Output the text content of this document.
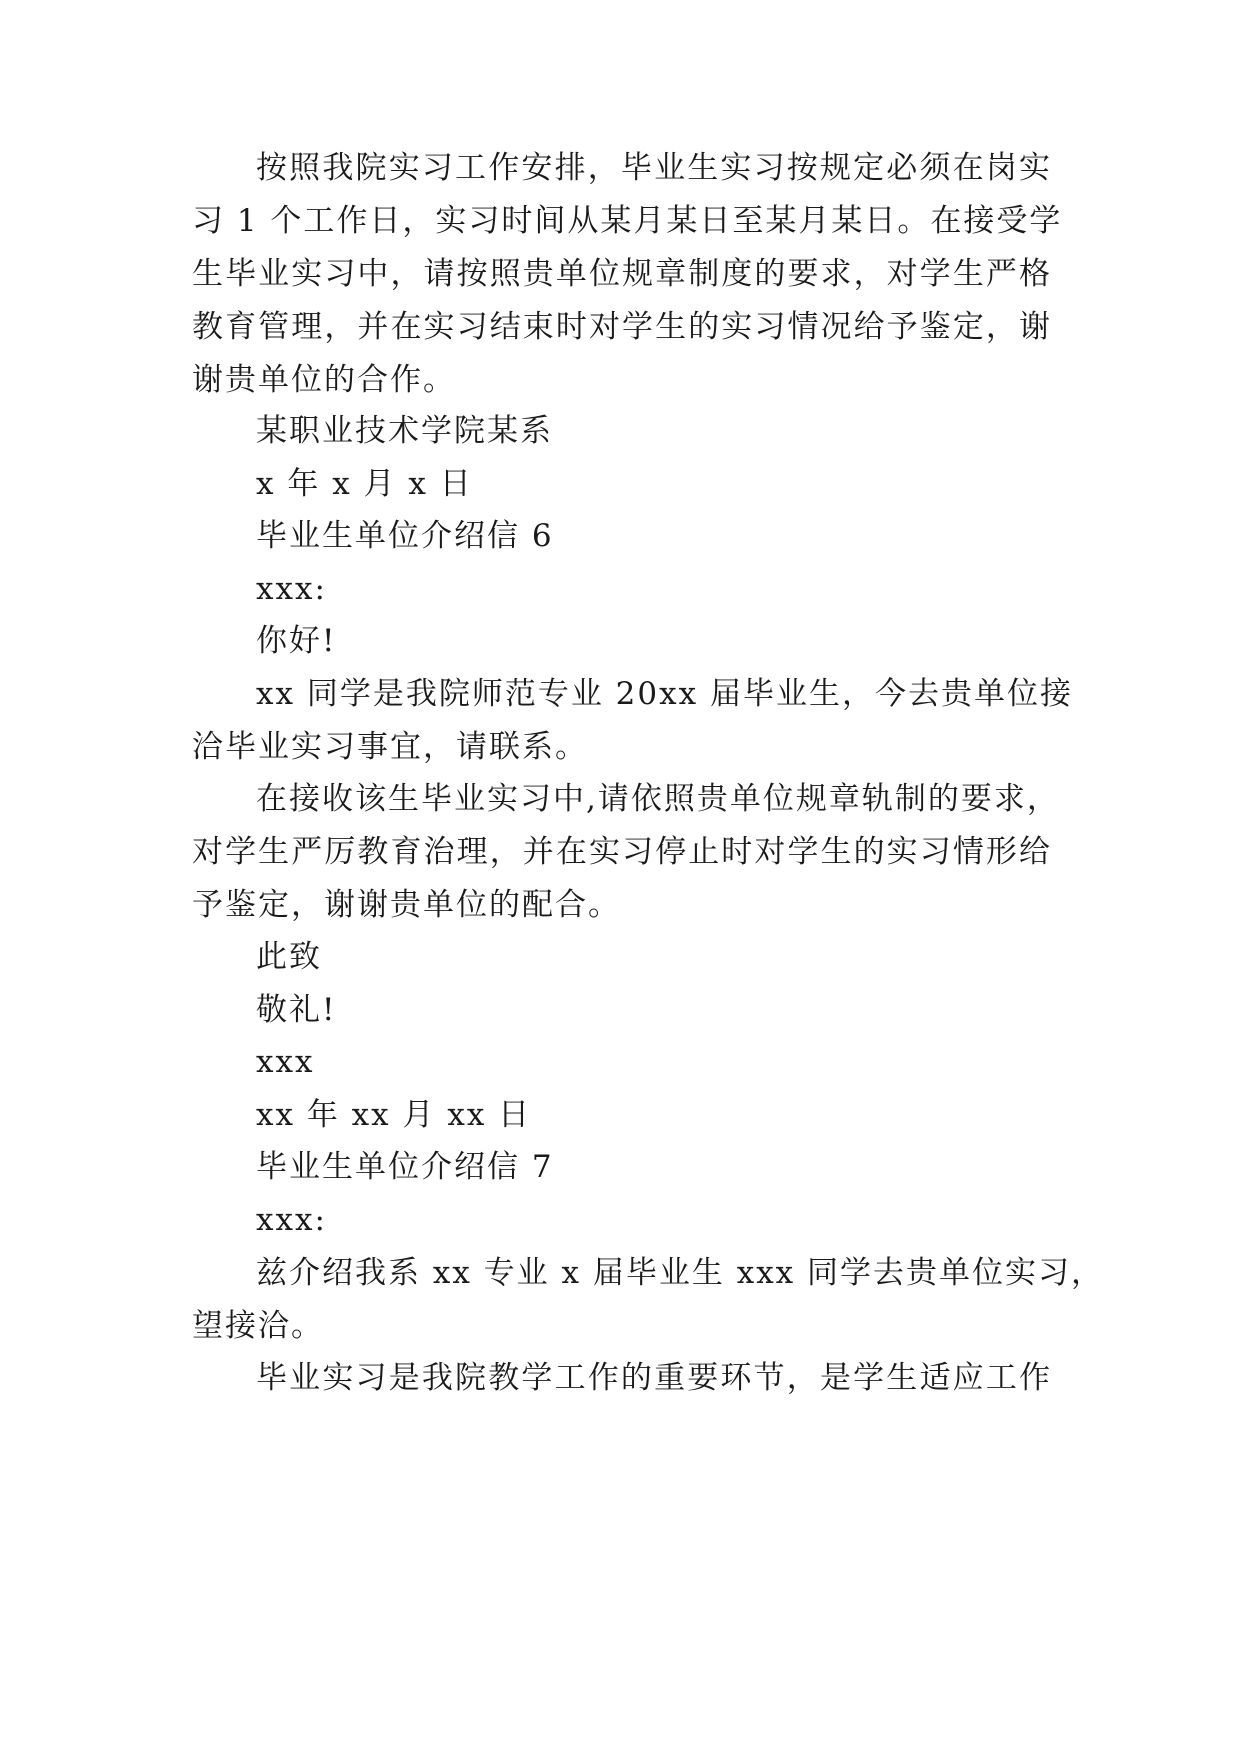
按照我院实习工作安排，毕业生实习按规定必须在岗实
习 1 个工作日，实习时间从某月某日至某月某日。在接受学
生毕业实习中，请按照贵单位规章制度的要求，对学生严格
教育管理，并在实习结束时对学生的实习情况给予鉴定，谢
谢贵单位的合作。
某职业技术学院某系
x 年 x 月 x 日
毕业生单位介绍信 6
xxx:
你好!
xx 同学是我院师范专业 20xx 届毕业生，今去贵单位接
洽毕业实习事宜，请联系。
在接收该生毕业实习中,请依照贵单位规章轨制的要求，
对学生严厉教育治理，并在实习停止时对学生的实习情形给
予鉴定，谢谢贵单位的配合。
此致
敬礼!
xxx
xx 年 xx 月 xx 日
毕业生单位介绍信 7
xxx:
兹介绍我系 xx 专业 x 届毕业生 xxx 同学去贵单位实习，
望接洽。
毕业实习是我院教学工作的重要环节，是学生适应工作
